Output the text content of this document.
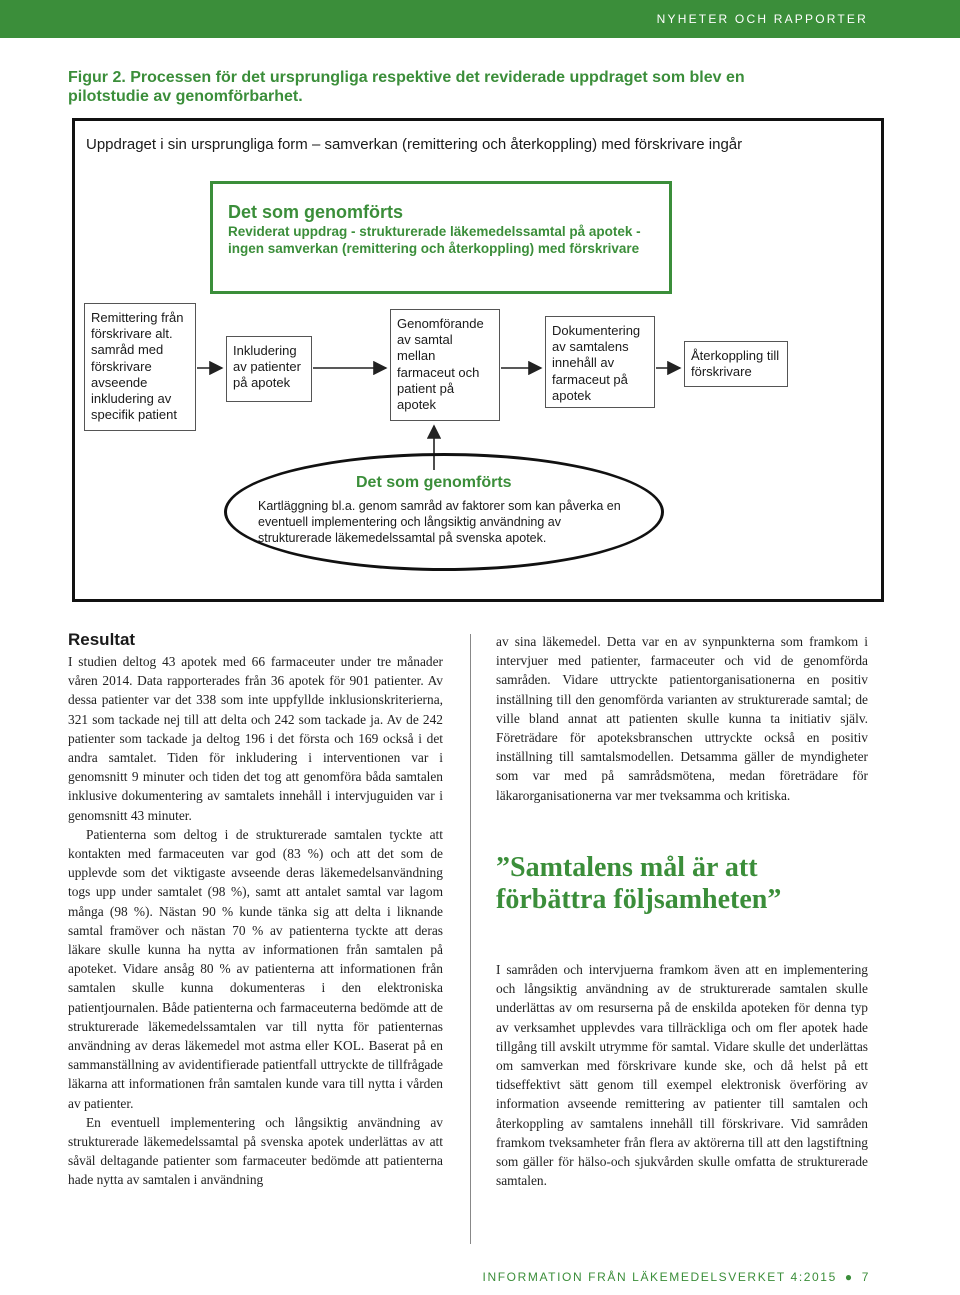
NYHETER OCH RAPPORTER
Figur 2. Processen för det ursprungliga respektive det reviderade uppdraget som blev en pilotstudie av genomförbarhet.
Uppdraget i sin ursprungliga form – samverkan (remittering och återkoppling) med förskrivare ingår
Det som genomförts
Reviderat uppdrag - strukturerade läkemedelssamtal på apotek - ingen samverkan (remittering och återkoppling) med förskrivare
Remittering från förskrivare alt. samråd med förskrivare avseende inkludering av specifik patient
Inkludering av patienter på apotek
Genomförande av samtal mellan farmaceut och patient på apotek
Dokumentering av samtalens innehåll av farmaceut på apotek
Återkoppling till förskrivare
Det som genomförts
Kartläggning bl.a. genom samråd av faktorer som kan påverka en eventuell implementering och långsiktig användning av strukturerade läkemedelssamtal på svenska apotek.
Resultat

I studien deltog 43 apotek med 66 farmaceuter under tre månader våren 2014. Data rapporterades från 36 apotek för 901 patienter. Av dessa patienter var det 338 som inte uppfyllde inklusionskriterierna, 321 som tackade nej till att delta och 242 som tackade ja. Av de 242 patienter som tackade ja deltog 196 i det första och 169 också i det andra samtalet. Tiden för inkludering i interventionen var i genomsnitt 9 minuter och tiden det tog att genomföra båda samtalen inklusive dokumentering av samtalets innehåll i intervjuguiden var i genomsnitt 43 minuter.

Patienterna som deltog i de strukturerade samtalen tyckte att kontakten med farmaceuten var god (83 %) och att det som de upplevde som det viktigaste avseende deras läkemedelsanvändning togs upp under samtalet (98 %), samt att antalet samtal var lagom många (98 %). Nästan 90 % kunde tänka sig att delta i liknande samtal framöver och nästan 70 % av patienterna tyckte att deras läkare skulle kunna ha nytta av informationen från samtalen på apoteket. Vidare ansåg 80 % av patienterna att informationen från samtalen skulle kunna dokumenteras i den elektroniska patientjournalen. Både patienterna och farmaceuterna bedömde att de strukturerade läkemedelssamtalen var till nytta för patienternas användning av deras läkemedel mot astma eller KOL. Baserat på en sammanställning av avidentifierade patientfall uttryckte de tillfrågade läkarna att informationen från samtalen kunde vara till nytta i vården av patienter.

En eventuell implementering och långsiktig användning av strukturerade läkemedelssamtal på svenska apotek underlättas av att såväl deltagande patienter som farmaceuter bedömde att patienterna hade nytta av samtalen i användning

av sina läkemedel. Detta var en av synpunkterna som framkom i intervjuer med patienter, farmaceuter och vid de genomförda samråden. Vidare uttryckte patientorganisationerna en positiv inställning till den genomförda varianten av strukturerade samtal; de ville bland annat att patienten skulle kunna ta initiativ själv. Företrädare för apoteksbranschen uttryckte också en positiv inställning till samtalsmodellen. Detsamma gäller de myndigheter som var med på samrådsmötena, medan företrädare för läkarorganisationerna var mer tveksamma och kritiska.

”Samtalens mål är att förbättra följsamheten”

I samråden och intervjuerna framkom även att en implementering och långsiktig användning av de strukturerade samtalen skulle underlättas av om resurserna på de enskilda apoteken för denna typ av verksamhet upplevdes vara tillräckliga och om fler apotek hade tillgång till avskilt utrymme för samtal. Vidare skulle det underlättas om samverkan med förskrivare kunde ske, och då helst på ett tidseffektivt sätt genom till exempel elektronisk överföring av information avseende remittering av patienter till samtalen och återkoppling av samtalens innehåll till förskrivare. Vid samråden framkom tveksamheter från flera av aktörerna till att den lagstiftning som gäller för hälso-och sjukvården skulle omfatta de strukturerade samtalen.

INFORMATION FRÅN LÄKEMEDELSVERKET 4:2015 ● 7
